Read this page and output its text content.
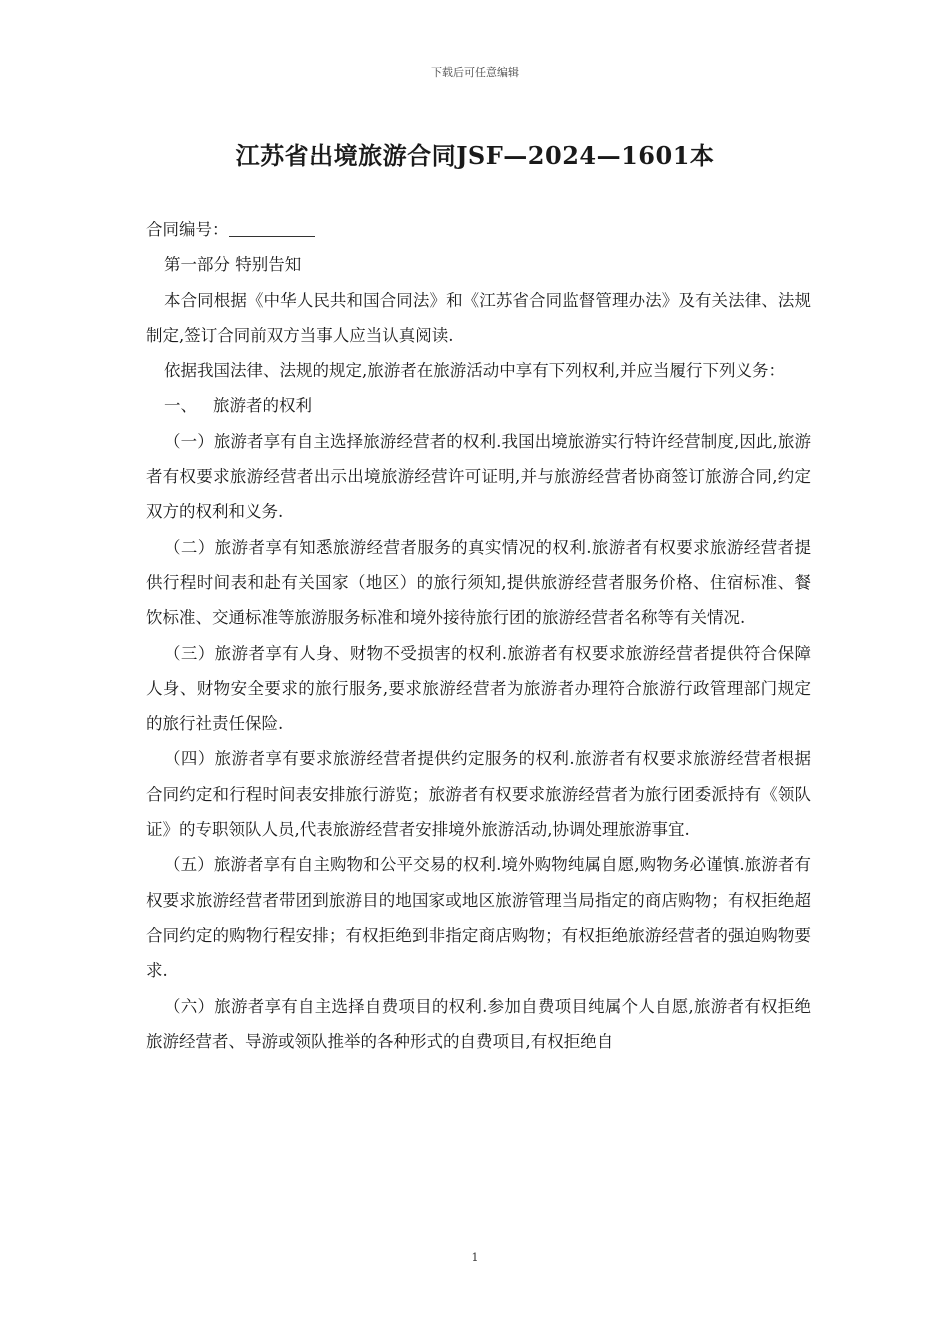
下载后可任意编辑
江苏省出境旅游合同JSF—2024—1601本

合同编号：

第一部分 特别告知

本合同根据《中华人民共和国合同法》和《江苏省合同监督管理办法》及有关法律、法规制定,签订合同前双方当事人应当认真阅读.

依据我国法律、法规的规定,旅游者在旅游活动中享有下列权利,并应当履行下列义务：

一、 旅游者的权利

（一）旅游者享有自主选择旅游经营者的权利.我国出境旅游实行特许经营制度,因此,旅游者有权要求旅游经营者出示出境旅游经营许可证明,并与旅游经营者协商签订旅游合同,约定双方的权利和义务.

（二）旅游者享有知悉旅游经营者服务的真实情况的权利.旅游者有权要求旅游经营者提供行程时间表和赴有关国家（地区）的旅行须知,提供旅游经营者服务价格、住宿标准、餐饮标准、交通标准等旅游服务标准和境外接待旅行团的旅游经营者名称等有关情况.

（三）旅游者享有人身、财物不受损害的权利.旅游者有权要求旅游经营者提供符合保障人身、财物安全要求的旅行服务,要求旅游经营者为旅游者办理符合旅游行政管理部门规定的旅行社责任保险.

（四）旅游者享有要求旅游经营者提供约定服务的权利.旅游者有权要求旅游经营者根据合同约定和行程时间表安排旅行游览；旅游者有权要求旅游经营者为旅行团委派持有《领队证》的专职领队人员,代表旅游经营者安排境外旅游活动,协调处理旅游事宜.

（五）旅游者享有自主购物和公平交易的权利.境外购物纯属自愿,购物务必谨慎.旅游者有权要求旅游经营者带团到旅游目的地国家或地区旅游管理当局指定的商店购物；有权拒绝超合同约定的购物行程安排；有权拒绝到非指定商店购物；有权拒绝旅游经营者的强迫购物要求.

（六）旅游者享有自主选择自费项目的权利.参加自费项目纯属个人自愿,旅游者有权拒绝旅游经营者、导游或领队推举的各种形式的自费项目,有权拒绝自

1
